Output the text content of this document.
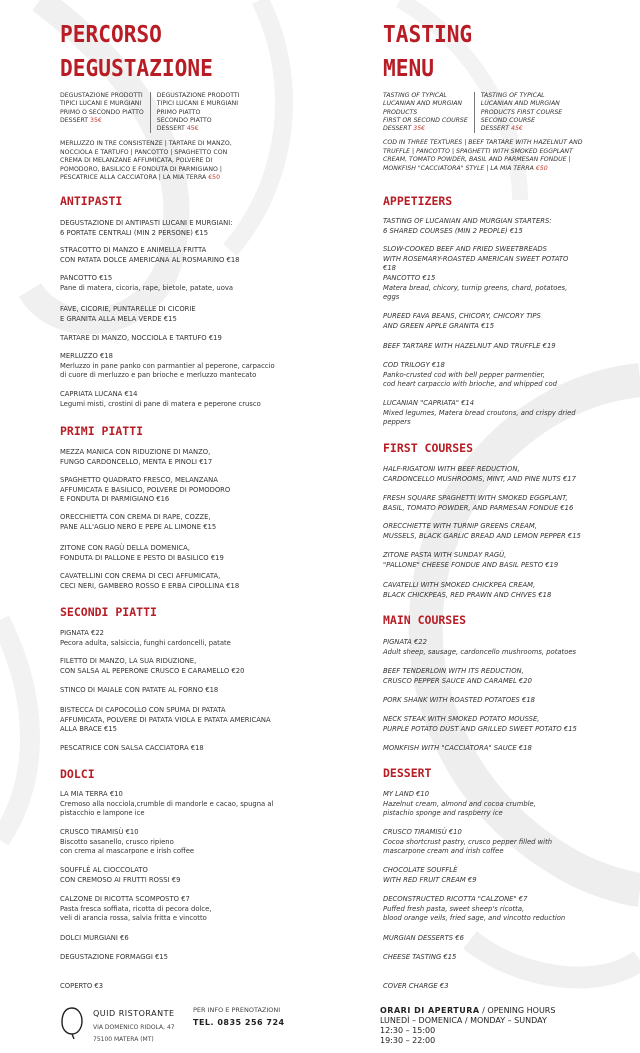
PERCORSO
DEGUSTAZIONE
DEGUSTAZIONE PRODOTTI
TIPICI LUCANI E MURGIANI
PRIMO O SECONDO PIATTO
DESSERT 35€
DEGUSTAZIONE PRODOTTI
TIPICI LUCANI E MURGIANI
PRIMO PIATTO
SECONDO PIATTO
DESSERT 45€
MERLUZZO IN TRE CONSISTENZE | TARTARE DI MANZO,
NOCCIOLA E TARTUFO | PANCOTTO | SPAGHETTO CON
CREMA DI MELANZANE AFFUMICATA, POLVERE DI
POMODORO, BASILICO E FONDUTA DI PARMIGIANO |
PESCATRICE ALLA CACCIATORA | LA MIA TERRA €50
ANTIPASTI
DEGUSTAZIONE DI ANTIPASTI LUCANI E MURGIANI:
6 PORTATE CENTRALI (MIN 2 PERSONE) €15
STRACOTTO DI MANZO E ANIMELLA FRITTA
CON PATATA DOLCE AMERICANA AL ROSMARINO €18
PANCOTTO €15
Pane di matera, cicoria, rape, bietole, patate, uova
FAVE, CICORIE, PUNTARELLE DI CICORIE
E GRANITA ALLA MELA VERDE €15
TARTARE DI MANZO, NOCCIOLA E TARTUFO €19
MERLUZZO €18
Merluzzo in pane panko con parmantier al peperone, carpaccio
di cuore di merluzzo e pan brioche e merluzzo mantecato
CAPRIATA LUCANA €14
Legumi misti, crostini di pane di matera e peperone crusco
PRIMI PIATTI
MEZZA MANICA CON RIDUZIONE DI MANZO,
FUNGO CARDONCELLO, MENTA E PINOLI €17
SPAGHETTO QUADRATO FRESCO, MELANZANA
AFFUMICATA E BASILICO, POLVERE DI POMODORO
E FONDUTA DI PARMIGIANO €16
ORECCHIETTA CON CREMA DI RAPE, COZZE,
PANE ALL'AGLIO NERO E PEPE AL LIMONE €15
ZITONE CON RAGÙ DELLA DOMENICA,
FONDUTA DI PALLONE E PESTO DI BASILICO €19
CAVATELLINI CON CREMA DI CECI AFFUMICATA,
CECI NERI, GAMBERO ROSSO E ERBA CIPOLLINA €18
SECONDI PIATTI
PIGNATA €22
Pecora adulta, salsiccia, funghi cardoncelli, patate
FILETTO DI MANZO, LA SUA RIDUZIONE,
CON SALSA AL PEPERONE CRUSCO E CARAMELLO €20
STINCO DI MAIALE CON PATATE AL FORNO €18
BISTECCA DI CAPOCOLLO CON SPUMA DI PATATA
AFFUMICATA, POLVERE DI PATATA VIOLA E PATATA AMERICANA
ALLA BRACE €15
PESCATRICE CON SALSA CACCIATORA €18
DOLCI
LA MIA TERRA €10
Cremoso alla nocciola,crumble di mandorle e cacao, spugna al
pistacchio e lampone ice
CRUSCO TIRAMISÙ €10
Biscotto sasanello, crusco ripieno
con crema al mascarpone e irish coffee
SOUFFLÈ AL CIOCCOLATO
CON CREMOSO AI FRUTTI ROSSI €9
CALZONE DI RICOTTA SCOMPOSTO €7
Pasta fresca soffiata, ricotta di pecora dolce,
veli di arancia rossa, salvia fritta e vincotto
DOLCI MURGIANI €6
DEGUSTAZIONE FORMAGGI €15
COPERTO €3
TASTING
MENU
TASTING OF TYPICAL
LUCANIAN AND MURGIAN
PRODUCTS
FIRST OR SECOND COURSE
DESSERT 35€
TASTING OF TYPICAL
LUCANIAN AND MURGIAN
PRODUCTS FIRST COURSE
SECOND COURSE
DESSERT 45€
COD IN THREE TEXTURES | BEEF TARTARE WITH HAZELNUT AND
TRUFFLE | PANCOTTO | SPAGHETTI WITH SMOKED EGGPLANT
CREAM, TOMATO POWDER, BASIL AND PARMESAN FONDUE |
MONKFISH "CACCIATORA" STYLE | LA MIA TERRA €50
APPETIZERS
TASTING OF LUCANIAN AND MURGIAN STARTERS:
6 SHARED COURSES (MIN 2 PEOPLE) €15
SLOW-COOKED BEEF AND FRIED SWEETBREADS
WITH ROSEMARY-ROASTED AMERICAN SWEET POTATO €18
PANCOTTO €15
Matera bread, chicory, turnip greens, chard, potatoes,
eggs
PUREED FAVA BEANS, CHICORY, CHICORY TIPS
AND GREEN APPLE GRANITA €15
BEEF TARTARE WITH HAZELNUT AND TRUFFLE €19
COD TRILOGY €18
Panko-crusted cod with bell pepper parmentier,
cod heart carpaccio with brioche, and whipped cod
LUCANIAN "CAPRIATA" €14
Mixed legumes, Matera bread croutons, and crispy dried
peppers
FIRST COURSES
HALF-RIGATONI WITH BEEF REDUCTION,
CARDONCELLO MUSHROOMS, MINT, AND PINE NUTS €17
FRESH SQUARE SPAGHETTI WITH SMOKED EGGPLANT,
BASIL, TOMATO POWDER, AND PARMESAN FONDUE €16
ORECCHIETTE WITH TURNIP GREENS CREAM,
MUSSELS, BLACK GARLIC BREAD AND LEMON PEPPER €15
ZITONE PASTA WITH SUNDAY RAGÙ,
"PALLONE" CHEESE FONDUE AND BASIL PESTO €19
CAVATELLI WITH SMOKED CHICKPEA CREAM,
BLACK CHICKPEAS, RED PRAWN AND CHIVES €18
MAIN COURSES
PIGNATA €22
Adult sheep, sausage, cardoncello mushrooms, potatoes
BEEF TENDERLOIN WITH ITS REDUCTION,
CRUSCO PEPPER SAUCE AND CARAMEL €20
PORK SHANK WITH ROASTED POTATOES €18
NECK STEAK WITH SMOKED POTATO MOUSSE,
PURPLE POTATO DUST AND GRILLED SWEET POTATO €15
MONKFISH WITH "CACCIATORA" SAUCE €18
DESSERT
MY LAND €10
Hazelnut cream, almond and cocoa crumble,
pistachio sponge and raspberry ice
CRUSCO TIRAMISÙ €10
Cocoa shortcrust pastry, crusco pepper filled with
mascarpone cream and irish coffee
CHOCOLATE SOUFFLÈ
WITH RED FRUIT CREAM €9
DECONSTRUCTED RICOTTA "CALZONE" €7
Puffed fresh pasta, sweet sheep's ricotta,
blood orange veils, fried sage, and vincotto reduction
MURGIAN DESSERTS €6
CHEESE TASTING €15
COVER CHARGE €3
QUID RISTORANTE
VIA DOMENICO RIDOLA, 47
75100 MATERA (MT)
PER INFO E PRENOTAZIONI
TEL. 0835 256 724
ORARI DI APERTURA / OPENING HOURS
LUNEDÌ – DOMENICA / MONDAY – SUNDAY
12:30 – 15:00
19:30 – 22:00
